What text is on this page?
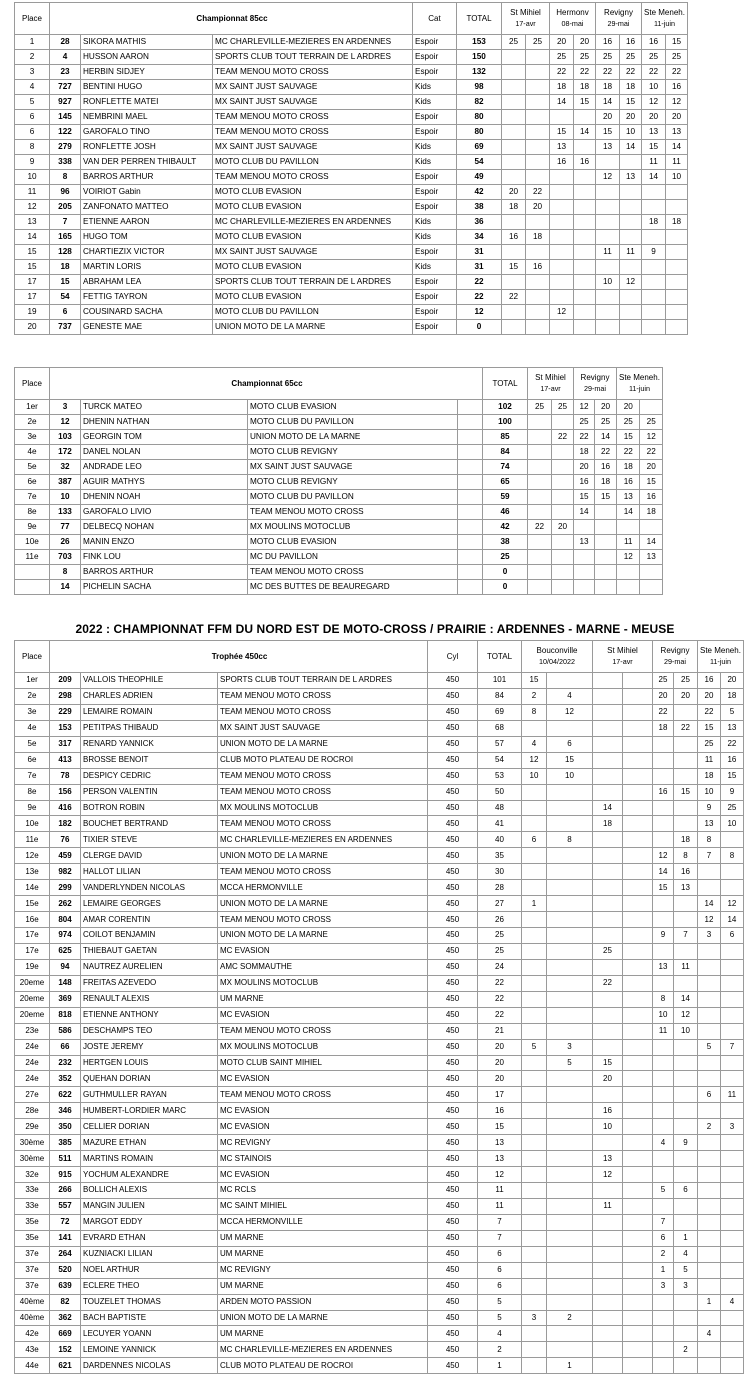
Place	Championnat 85cc			Cat	TOTAL	St Mihiel
17-avr		Hermonv
08-mai		Revigny
29-mai		Ste Meneh.
11-juin	

1	28	SIKORA MATHIS	MC CHARLEVILLE-MEZIERES EN ARDENNES	Espoir	153	25	25	20	20	16	16	16	15
2	4	HUSSON AARON	SPORTS CLUB TOUT TERRAIN DE L ARDRES	Espoir	150			25	25	25	25	25	25
3	23	HERBIN SIDJEY	TEAM MENOU MOTO CROSS	Espoir	132			22	22	22	22	22	22
4	727	BENTINI HUGO	MX SAINT JUST SAUVAGE	Kids	98			18	18	18	18	10	16
5	927	RONFLETTE MATEI	MX SAINT JUST SAUVAGE	Kids	82			14	15	14	15	12	12
6	145	NEMBRINI MAEL	TEAM MENOU MOTO CROSS	Espoir	80					20	20	20	20
6	122	GAROFALO TINO	TEAM MENOU MOTO CROSS	Espoir	80			15	14	15	10	13	13
8	279	RONFLETTE JOSH	MX SAINT JUST SAUVAGE	Kids	69			13		13	14	15	14
9	338	VAN DER PERREN THIBAULT	MOTO CLUB DU PAVILLON	Kids	54			16	16			11	11
10	8	BARROS ARTHUR	TEAM MENOU MOTO CROSS	Espoir	49					12	13	14	10
11	96	VOIRIOT Gabin	MOTO CLUB EVASION	Espoir	42	20	22						
12	205	ZANFONATO MATTEO	MOTO CLUB EVASION	Espoir	38	18	20						
13	7	ETIENNE AARON	MC CHARLEVILLE-MEZIERES EN ARDENNES	Kids	36							18	18
14	165	HUGO TOM	MOTO CLUB EVASION	Kids	34	16	18						
15	128	CHARTIEZIX VICTOR	MX SAINT JUST SAUVAGE	Espoir	31					11	11	9	
15	18	MARTIN LORIS	MOTO CLUB EVASION	Kids	31	15	16						
17	15	ABRAHAM LEA	SPORTS CLUB TOUT TERRAIN DE L ARDRES	Espoir	22					10	12		
17	54	FETTIG TAYRON	MOTO CLUB EVASION	Espoir	22	22							
19	6	COUSINARD SACHA	MOTO CLUB DU PAVILLON	Espoir	12			12					
20	737	GENESTE MAE	UNION MOTO DE LA MARNE	Espoir	0								
Place	Championnat 65cc				TOTAL	St Mihiel
17-avr		Revigny
29-mai		Ste Meneh.
11-juin	

1er	3	TURCK MATEO	MOTO CLUB EVASION		102	25	25	12	20	20	
2e	12	DHENIN NATHAN	MOTO CLUB DU PAVILLON		100			25	25	25	25
3e	103	GEORGIN TOM	UNION MOTO DE LA MARNE		85		22	22	14	15	12
4e	172	DANEL NOLAN	MOTO CLUB REVIGNY		84			18	22	22	22
5e	32	ANDRADE LEO	MX SAINT JUST SAUVAGE		74			20	16	18	20
6e	387	AGUIR MATHYS	MOTO CLUB REVIGNY		65			16	18	16	15
7e	10	DHENIN NOAH	MOTO CLUB DU PAVILLON		59			15	15	13	16
8e	133	GAROFALO LIVIO	TEAM MENOU MOTO CROSS		46			14		14	18
9e	77	DELBECQ NOHAN	MX MOULINS MOTOCLUB		42	22	20				
10e	26	MANIN ENZO	MOTO CLUB EVASION		38			13		11	14
11e	703	FINK LOU	MC DU PAVILLON		25					12	13
	8	BARROS ARTHUR	TEAM MENOU MOTO CROSS		0						
	14	PICHELIN SACHA	MC DES BUTTES DE BEAUREGARD		0						
2022 : CHAMPIONNAT FFM DU NORD EST DE MOTO-CROSS / PRAIRIE : ARDENNES - MARNE - MEUSE
Place	Trophée 450cc			Cyl	TOTAL	Bouconville
10/04/2022		St Mihiel
17-avr		Revigny
29-mai		Ste Meneh.
11-juin	

1er	209	VALLOIS THEOPHILE	SPORTS CLUB TOUT TERRAIN DE L ARDRES	450	101	15				25	25	16	20
2e	298	CHARLES ADRIEN	TEAM MENOU MOTO CROSS	450	84	2	4			20	20	20	18
3e	229	LEMAIRE ROMAIN	TEAM MENOU MOTO CROSS	450	69	8	12			22		22	5
4e	153	PETITPAS THIBAUD	MX SAINT JUST SAUVAGE	450	68					18	22	15	13
5e	317	RENARD YANNICK	UNION MOTO DE LA MARNE	450	57	4	6					25	22
6e	413	BROSSE BENOIT	CLUB MOTO PLATEAU DE ROCROI	450	54	12	15					11	16
7e	78	DESPICY CEDRIC	TEAM MENOU MOTO CROSS	450	53	10	10					18	15
8e	156	PERSON VALENTIN	TEAM MENOU MOTO CROSS	450	50					16	15	10	9
9e	416	BOTRON ROBIN	MX MOULINS MOTOCLUB	450	48			14				9	25
10e	182	BOUCHET BERTRAND	TEAM MENOU MOTO CROSS	450	41			18				13	10
11e	76	TIXIER STEVE	MC CHARLEVILLE-MEZIERES EN ARDENNES	450	40	6	8				18	8	
12e	459	CLERGE DAVID	UNION MOTO DE LA MARNE	450	35					12	8	7	8
13e	982	HALLOT LILIAN	TEAM MENOU MOTO CROSS	450	30					14	16		
14e	299	VANDERLYNDEN NICOLAS	MCCA HERMONVILLE	450	28					15	13		
15e	262	LEMAIRE GEORGES	UNION MOTO DE LA MARNE	450	27	1						14	12
16e	804	AMAR CORENTIN	TEAM MENOU MOTO CROSS	450	26							12	14
17e	974	COILOT BENJAMIN	UNION MOTO DE LA MARNE	450	25					9	7	3	6
17e	625	THIEBAUT GAETAN	MC EVASION	450	25			25					
19e	94	NAUTREZ AURELIEN	AMC SOMMAUTHE	450	24					13	11		
20eme	148	FREITAS AZEVEDO	MX MOULINS MOTOCLUB	450	22			22					
20eme	369	RENAULT ALEXIS	UM MARNE	450	22					8	14		
20eme	818	ETIENNE ANTHONY	MC EVASION	450	22					10	12		
23e	586	DESCHAMPS TEO	TEAM MENOU MOTO CROSS	450	21					11	10		
24e	66	JOSTE JEREMY	MX MOULINS MOTOCLUB	450	20	5	3					5	7
24e	232	HERTGEN LOUIS	MOTO CLUB SAINT MIHIEL	450	20		5	15					
24e	352	QUEHAN DORIAN	MC EVASION	450	20			20					
27e	622	GUTHMULLER RAYAN	TEAM MENOU MOTO CROSS	450	17							6	11
28e	346	HUMBERT-LORDIER MARC	MC EVASION	450	16			16					
29e	350	CELLIER DORIAN	MC EVASION	450	15			10				2	3
30ème	385	MAZURE ETHAN	MC REVIGNY	450	13					4	9		
30ème	511	MARTINS ROMAIN	MC STAINOIS	450	13			13					
32e	915	YOCHUM ALEXANDRE	MC EVASION	450	12			12					
33e	266	BOLLICH ALEXIS	MC RCLS	450	11					5	6		
33e	557	MANGIN JULIEN	MC SAINT MIHIEL	450	11			11					
35e	72	MARGOT EDDY	MCCA HERMONVILLE	450	7					7			
35e	141	EVRARD ETHAN	UM MARNE	450	7					6	1		
37e	264	KUZNIACKI LILIAN	UM MARNE	450	6					2	4		
37e	520	NOEL ARTHUR	MC REVIGNY	450	6					1	5		
37e	639	ECLERE THEO	UM MARNE	450	6					3	3		
40ème	82	TOUZELET THOMAS	ARDEN MOTO PASSION	450	5							1	4
40ème	362	BACH BAPTISTE	UNION MOTO DE LA MARNE	450	5	3	2						
42e	669	LECUYER YOANN	UM MARNE	450	4							4	
43e	152	LEMOINE YANNICK	MC CHARLEVILLE-MEZIERES EN ARDENNES	450	2						2		
44e	621	DARDENNES NICOLAS	CLUB MOTO PLATEAU DE ROCROI	450	1		1						
